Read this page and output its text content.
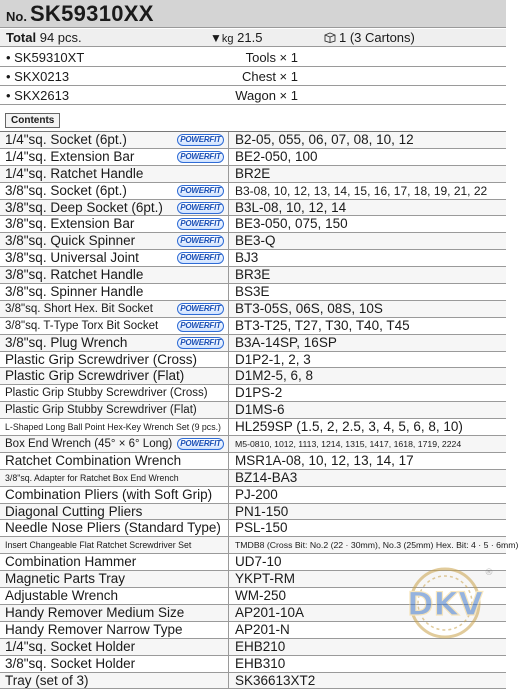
No. SK59310XX
Total 94 pcs.	▼kg 21.5	1 (3 Cartons)
• SK59310XT	Tools × 1
• SKX0213	Chest × 1
• SKX2613	Wagon × 1
Contents
1/4"sq. Socket (6pt.)	POWERFIT B2-05, 055, 06, 07, 08, 10, 12
1/4"sq. Extension Bar	POWERFIT BE2-050, 100
1/4"sq. Ratchet Handle	BR2E
3/8"sq. Socket (6pt.)	POWERFIT B3-08, 10, 12, 13, 14, 15, 16, 17, 18, 19, 21, 22
3/8"sq. Deep Socket (6pt.)	POWERFIT B3L-08, 10, 12, 14
3/8"sq. Extension Bar	POWERFIT BE3-050, 075, 150
3/8"sq. Quick Spinner	POWERFIT BE3-Q
3/8"sq. Universal Joint	POWERFIT BJ3
3/8"sq. Ratchet Handle	BR3E
3/8"sq. Spinner Handle	BS3E
3/8"sq. Short Hex. Bit Socket	POWERFIT BT3-05S, 06S, 08S, 10S
3/8"sq. T-Type Torx Bit Socket	POWERFIT BT3-T25, T27, T30, T40, T45
3/8"sq. Plug Wrench	POWERFIT B3A-14SP, 16SP
Plastic Grip Screwdriver (Cross)	D1P2-1, 2, 3
Plastic Grip Screwdriver (Flat)	D1M2-5, 6, 8
Plastic Grip Stubby Screwdriver (Cross)	D1PS-2
Plastic Grip Stubby Screwdriver (Flat)	D1MS-6
L-Shaped Long Ball Point Hex-Key Wrench Set (9 pcs.)	HL259SP (1.5, 2, 2.5, 3, 4, 5, 6, 8, 10)
Box End Wrench (45° × 6° Long) POWERFIT	M5-0810, 1012, 1113, 1214, 1315, 1417, 1618, 1719, 2224
Ratchet Combination Wrench	MSR1A-08, 10, 12, 13, 14, 17
3/8"sq. Adapter for Ratchet Box End Wrench	BZ14-BA3
Combination Pliers (with Soft Grip)	PJ-200
Diagonal Cutting Pliers	PN1-150
Needle Nose Pliers (Standard Type)	PSL-150
Insert Changeable Flat Ratchet Screwdriver Set	TMDB8 (Cross Bit: No.2 (22 · 30mm), No.3 (25mm) Hex. Bit: 4 · 5 · 6mm)
Combination Hammer	UD7-10
Magnetic Parts Tray	YKPT-RM
Adjustable Wrench	WM-250
Handy Remover Medium Size	AP201-10A
Handy Remover Narrow Type	AP201-N
1/4"sq. Socket Holder	EHB210
3/8"sq. Socket Holder	EHB310
Tray (set of 3)	SK36613XT2
DKV
®
